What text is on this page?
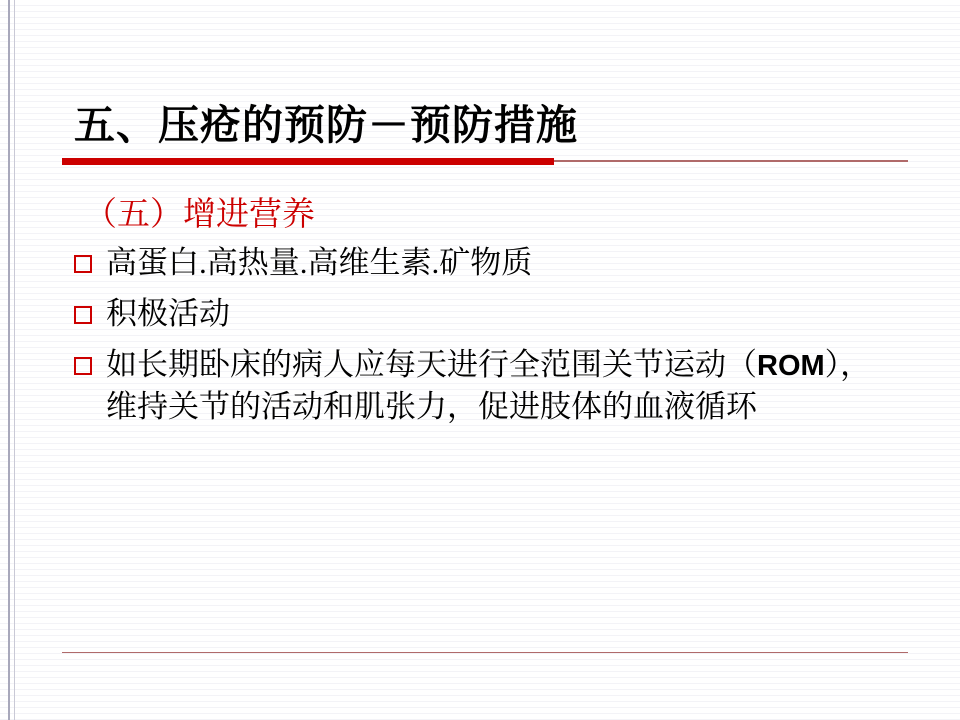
五、压疮的预防－预防措施
（五）增进营养
高蛋白.高热量.高维生素.矿物质
积极活动
如长期卧床的病人应每天进行全范围关节运动（ROM），维持关节的活动和肌张力，促进肢体的血液循环
